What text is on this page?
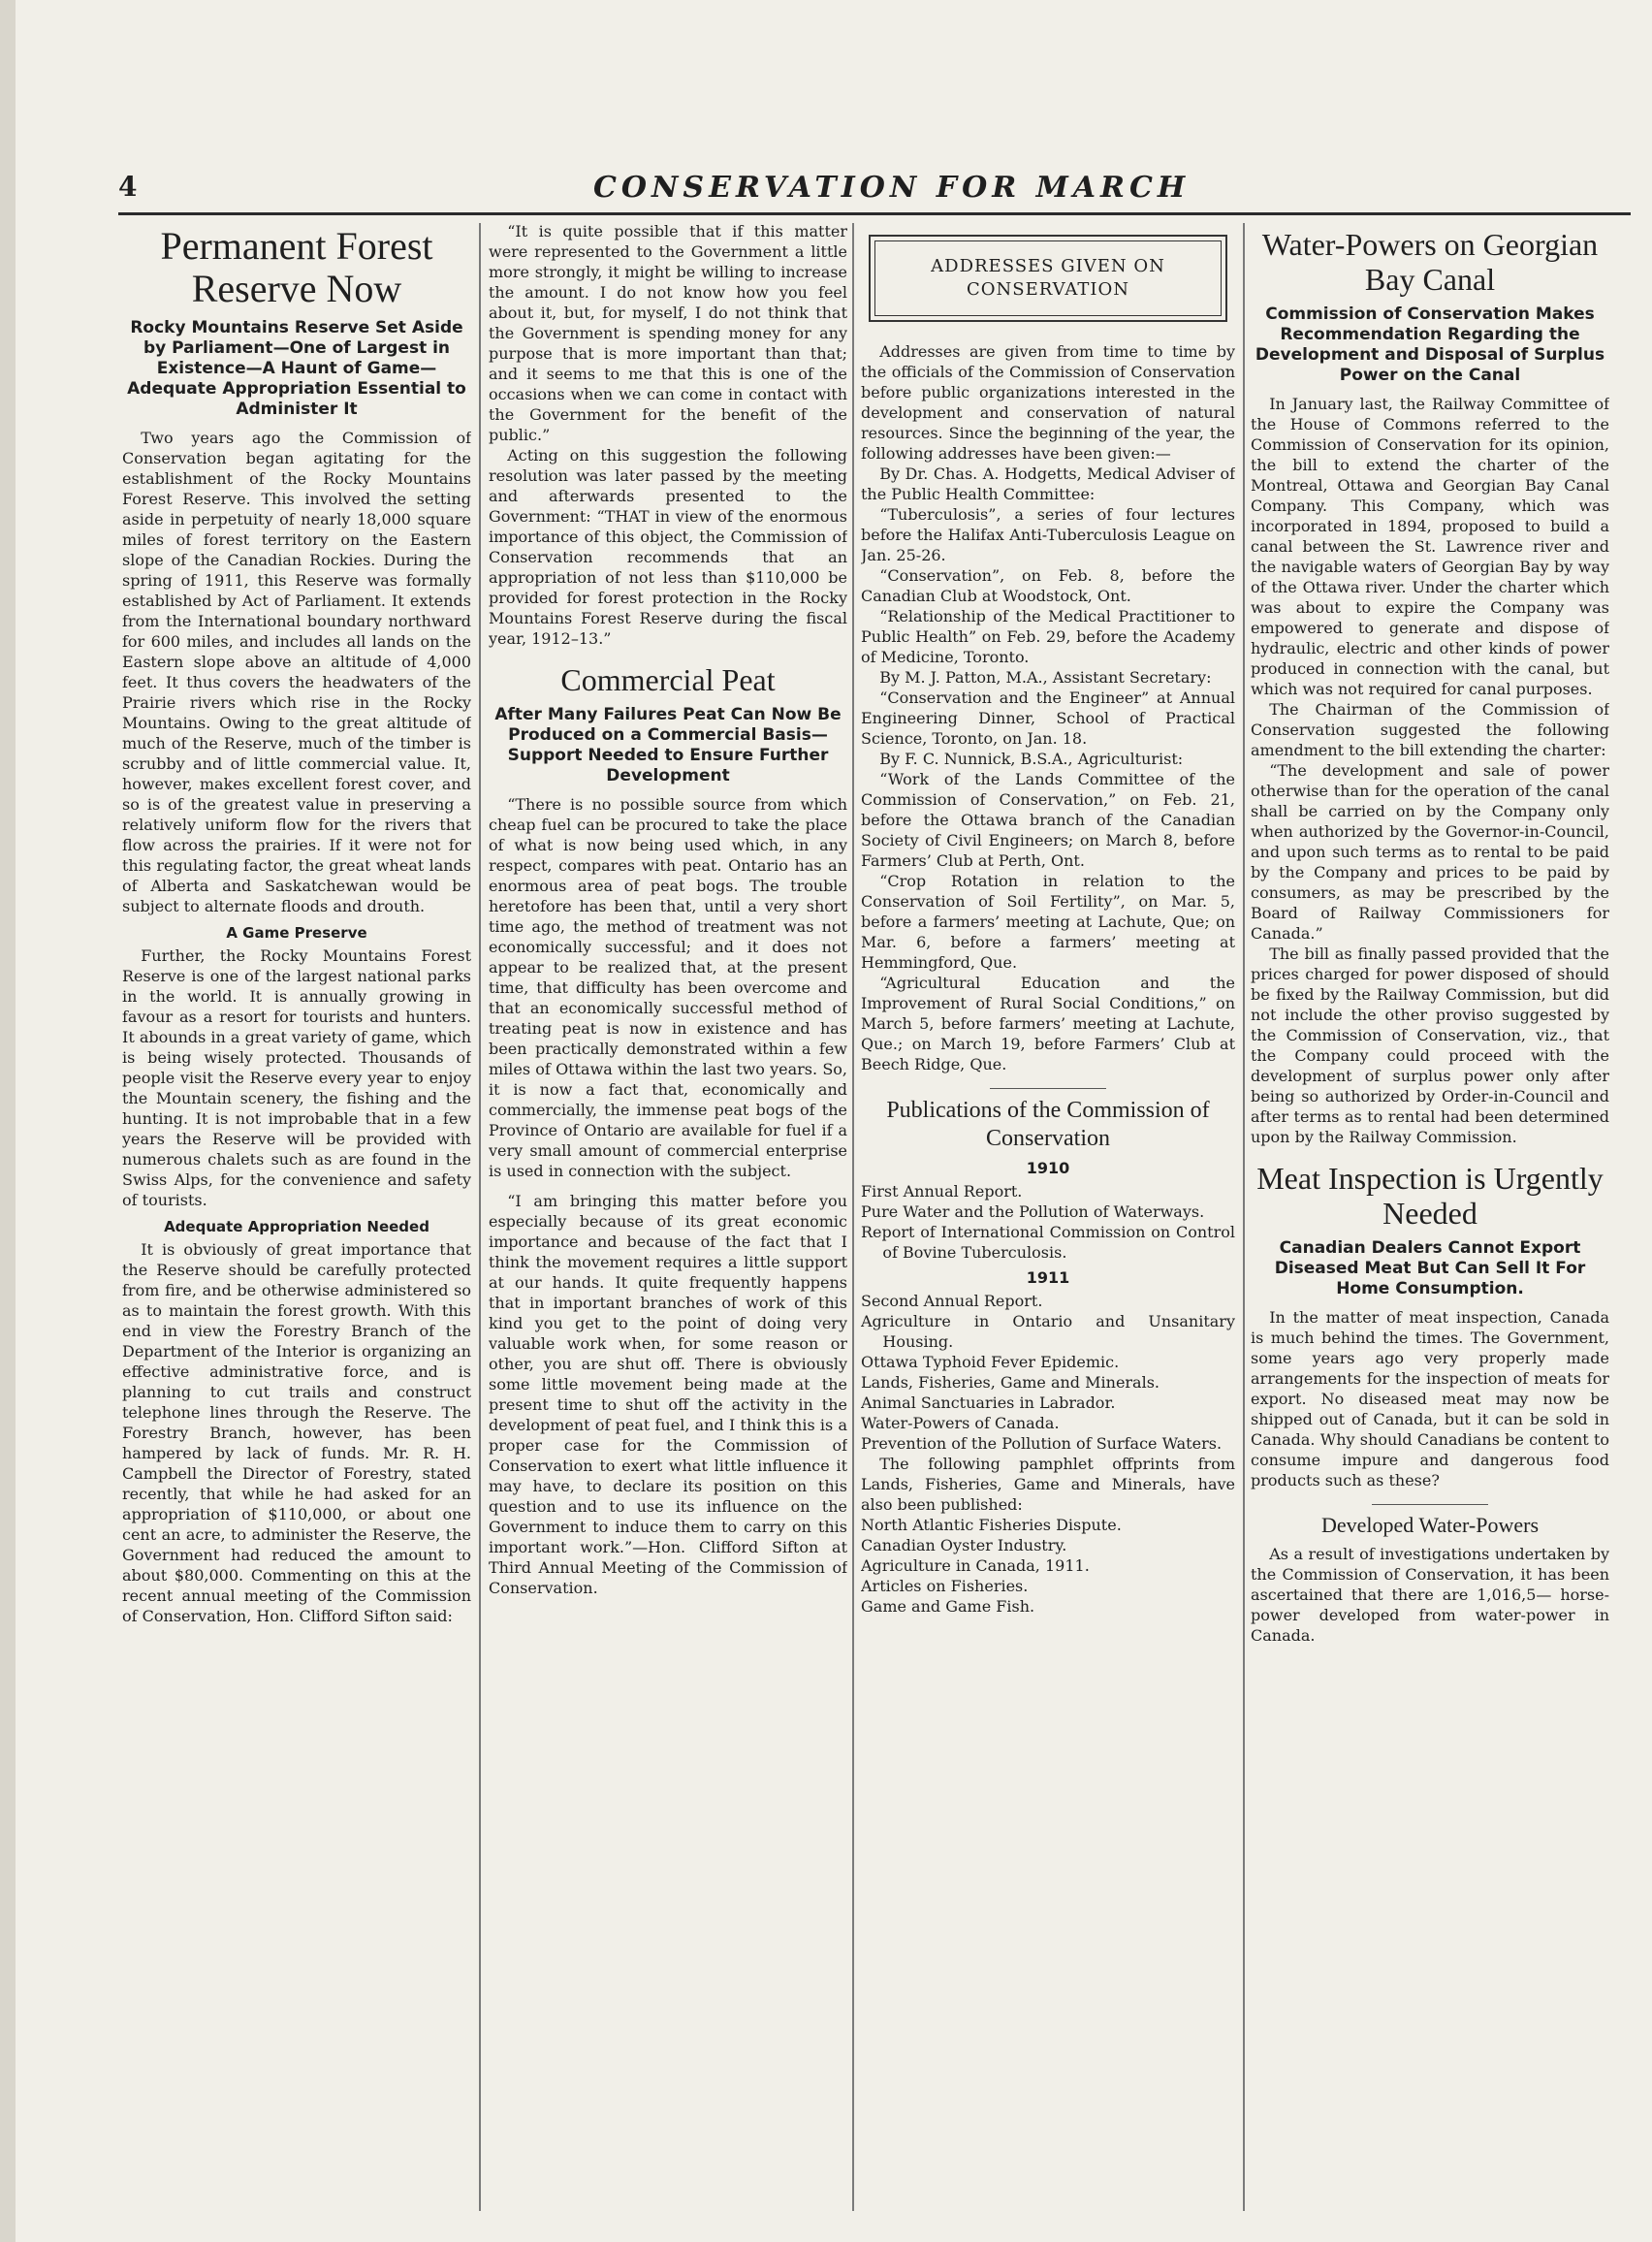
4	CONSERVATION FOR MARCH
Permanent Forest Reserve Now
Rocky Mountains Reserve Set Aside by Parliament—One of Largest in Existence—A Haunt of Game—Adequate Appropriation Essential to Administer It

Two years ago the Commission of Conservation began agitating for the establishment of the Rocky Mountains Forest Reserve. This involved the setting aside in perpetuity of nearly 18,000 square miles of forest territory on the Eastern slope of the Canadian Rockies. During the spring of 1911, this Reserve was formally established by Act of Parliament. It extends from the International boundary northward for 600 miles, and includes all lands on the Eastern slope above an altitude of 4,000 feet. It thus covers the headwaters of the Prairie rivers which rise in the Rocky Mountains. Owing to the great altitude of much of the Reserve, much of the timber is scrubby and of little commercial value. It, however, makes excellent forest cover, and so is of the greatest value in preserving a relatively uniform flow for the rivers that flow across the prairies. If it were not for this regulating factor, the great wheat lands of Alberta and Saskatchewan would be subject to alternate floods and drouth.

A Game Preserve

Further, the Rocky Mountains Forest Reserve is one of the largest national parks in the world. It is annually growing in favour as a resort for tourists and hunters. It abounds in a great variety of game, which is being wisely protected. Thousands of people visit the Reserve every year to enjoy the Mountain scenery, the fishing and the hunting. It is not improbable that in a few years the Reserve will be provided with numerous chalets such as are found in the Swiss Alps, for the convenience and safety of tourists.

Adequate Appropriation Needed

It is obviously of great importance that the Reserve should be carefully protected from fire, and be otherwise administered so as to maintain the forest growth. With this end in view the Forestry Branch of the Department of the Interior is organizing an effective administrative force, and is planning to cut trails and construct telephone lines through the Reserve. The Forestry Branch, however, has been hampered by lack of funds. Mr. R. H. Campbell the Director of Forestry, stated recently, that while he had asked for an appropriation of $110,000, or about one cent an acre, to administer the Reserve, the Government had reduced the amount to about $80,000. Commenting on this at the recent annual meeting of the Commission of Conservation, Hon. Clifford Sifton said:

“It is quite possible that if this matter were represented to the Government a little more strongly, it might be willing to increase the amount. I do not know how you feel about it, but, for myself, I do not think that the Government is spending money for any purpose that is more important than that; and it seems to me that this is one of the occasions when we can come in contact with the Government for the benefit of the public.”

Acting on this suggestion the following resolution was later passed by the meeting and afterwards presented to the Government: “THAT in view of the enormous importance of this object, the Commission of Conservation recommends that an appropriation of not less than $110,000 be provided for forest protection in the Rocky Mountains Forest Reserve during the fiscal year, 1912–13.”

Commercial Peat
After Many Failures Peat Can Now Be Produced on a Commercial Basis—Support Needed to Ensure Further Development

“There is no possible source from which cheap fuel can be procured to take the place of what is now being used which, in any respect, compares with peat. Ontario has an enormous area of peat bogs. The trouble heretofore has been that, until a very short time ago, the method of treatment was not economically successful; and it does not appear to be realized that, at the present time, that difficulty has been overcome and that an economically successful method of treating peat is now in existence and has been practically demonstrated within a few miles of Ottawa within the last two years. So, it is now a fact that, economically and commercially, the immense peat bogs of the Province of Ontario are available for fuel if a very small amount of commercial enterprise is used in connection with the subject.

“I am bringing this matter before you especially because of its great economic importance and because of the fact that I think the movement requires a little support at our hands. It quite frequently happens that in important branches of work of this kind you get to the point of doing very valuable work when, for some reason or other, you are shut off. There is obviously some little movement being made at the present time to shut off the activity in the development of peat fuel, and I think this is a proper case for the Commission of Conservation to exert what little influence it may have, to declare its position on this question and to use its influence on the Government to induce them to carry on this important work.”—Hon. Clifford Sifton at Third Annual Meeting of the Commission of Conservation.

ADDRESSES GIVEN ON CONSERVATION

Addresses are given from time to time by the officials of the Commission of Conservation before public organizations interested in the development and conservation of natural resources. Since the beginning of the year, the following addresses have been given:—

By Dr. Chas. A. Hodgetts, Medical Adviser of the Public Health Committee:

“Tuberculosis”, a series of four lectures before the Halifax Anti-Tuberculosis League on Jan. 25-26.

“Conservation”, on Feb. 8, before the Canadian Club at Woodstock, Ont.

“Relationship of the Medical Practitioner to Public Health” on Feb. 29, before the Academy of Medicine, Toronto.

By M. J. Patton, M.A., Assistant Secretary:

“Conservation and the Engineer” at Annual Engineering Dinner, School of Practical Science, Toronto, on Jan. 18.

By F. C. Nunnick, B.S.A., Agriculturist:

“Work of the Lands Committee of the Commission of Conservation,” on Feb. 21, before the Ottawa branch of the Canadian Society of Civil Engineers; on March 8, before Farmers’ Club at Perth, Ont.

“Crop Rotation in relation to the Conservation of Soil Fertility”, on Mar. 5, before a farmers’ meeting at Lachute, Que; on Mar. 6, before a farmers’ meeting at Hemmingford, Que.

“Agricultural Education and the Improvement of Rural Social Conditions,” on March 5, before farmers’ meeting at Lachute, Que.; on March 19, before Farmers’ Club at Beech Ridge, Que.

Publications of the Commission of Conservation
1910

First Annual Report.

Pure Water and the Pollution of Waterways.

Report of International Commission on Control of Bovine Tuberculosis.

1911

Second Annual Report.

Agriculture in Ontario and Unsanitary Housing.

Ottawa Typhoid Fever Epidemic.

Lands, Fisheries, Game and Minerals.

Animal Sanctuaries in Labrador.

Water-Powers of Canada.

Prevention of the Pollution of Surface Waters.

The following pamphlet offprints from Lands, Fisheries, Game and Minerals, have also been published:

North Atlantic Fisheries Dispute.

Canadian Oyster Industry.

Agriculture in Canada, 1911.

Articles on Fisheries.

Game and Game Fish.

Water-Powers on Georgian Bay Canal
Commission of Conservation Makes Recommendation Regarding the Development and Disposal of Surplus Power on the Canal

In January last, the Railway Committee of the House of Commons referred to the Commission of Conservation for its opinion, the bill to extend the charter of the Montreal, Ottawa and Georgian Bay Canal Company. This Company, which was incorporated in 1894, proposed to build a canal between the St. Lawrence river and the navigable waters of Georgian Bay by way of the Ottawa river. Under the charter which was about to expire the Company was empowered to generate and dispose of hydraulic, electric and other kinds of power produced in connection with the canal, but which was not required for canal purposes.

The Chairman of the Commission of Conservation suggested the following amendment to the bill extending the charter:

“The development and sale of power otherwise than for the operation of the canal shall be carried on by the Company only when authorized by the Governor-in-Council, and upon such terms as to rental to be paid by the Company and prices to be paid by consumers, as may be prescribed by the Board of Railway Commissioners for Canada.”

The bill as finally passed provided that the prices charged for power disposed of should be fixed by the Railway Commission, but did not include the other proviso suggested by the Commission of Conservation, viz., that the Company could proceed with the development of surplus power only after being so authorized by Order-in-Council and after terms as to rental had been determined upon by the Railway Commission.

Meat Inspection is Urgently Needed
Canadian Dealers Cannot Export Diseased Meat But Can Sell It For Home Consumption.

In the matter of meat inspection, Canada is much behind the times. The Government, some years ago very properly made arrangements for the inspection of meats for export. No diseased meat may now be shipped out of Canada, but it can be sold in Canada. Why should Canadians be content to consume impure and dangerous food products such as these?

Developed Water-Powers

As a result of investigations undertaken by the Commission of Conservation, it has been ascertained that there are 1,016,5— horse-power developed from water-power in Canada.
